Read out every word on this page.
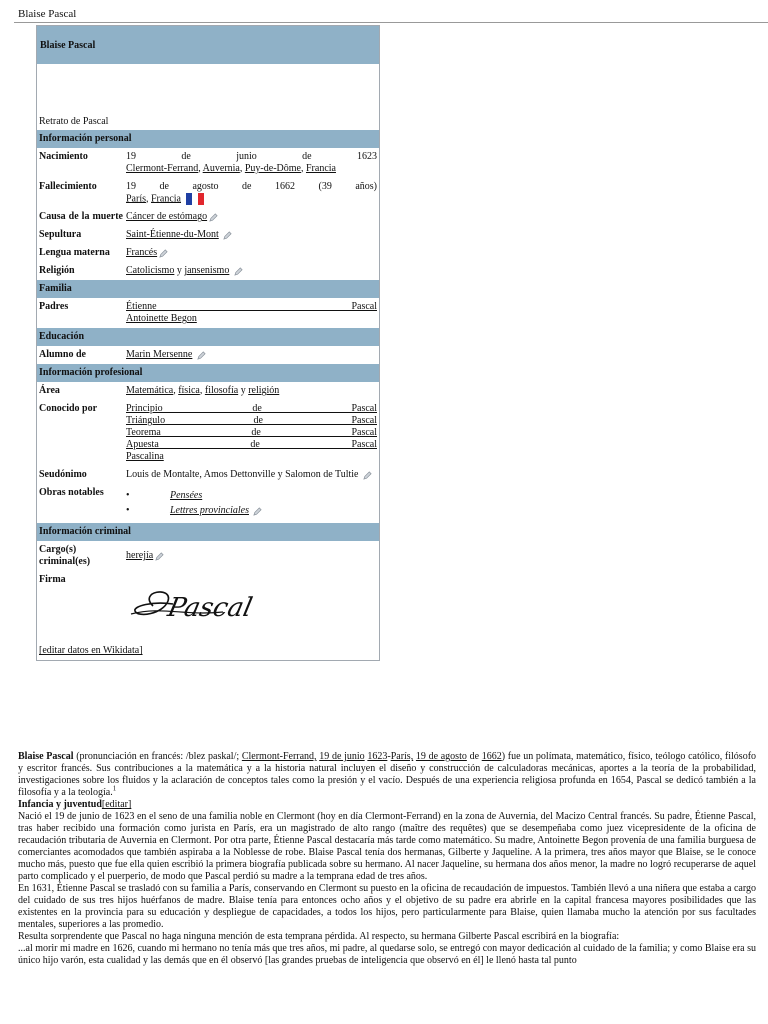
Blaise Pascal
Blaise Pascal
Retrato de Pascal
Información personal
Nacimiento	19 de junio de 1623
Clermont-Ferrand, Auvernia, Puy-de-Dôme, Francia
Fallecimiento	19 de agosto de 1662 (39 años)
París, Francia
Causa de la muerte Cáncer de estómago
Sepultura	Saint-Étienne-du-Mont
Lengua materna	Francés
Religión	Catolicismo y jansenismo
Familia
Padres	Étienne Pascal
Antoinette Begon
Educación
Alumno de	Marin Mersenne
Información profesional
Área	Matemática, física, filosofía y religión
Conocido por	Principio de Pascal
Triángulo de Pascal
Teorema de Pascal
Apuesta de Pascal
Pascalina
Seudónimo	Louis de Montalte, Amos Dettonville y Salomon de Tultie
Obras notables	•	Pensées
•	Lettres provinciales
Información criminal
Cargo(s) criminal(es)
herejía
Firma
Pascal
[editar datos en Wikidata]

Blaise Pascal (pronunciación en francés: /blez paskal/; Clermont-Ferrand, 19 de junio 1623-París, 19 de agosto de 1662) fue un polímata, matemático, físico, teólogo católico, filósofo y escritor francés. Sus contribuciones a la matemática y a la historia natural incluyen el diseño y construcción de calculadoras mecánicas, aportes a la teoría de la probabilidad, investigaciones sobre los fluidos y la aclaración de conceptos tales como la presión y el vacío. Después de una experiencia religiosa profunda en 1654, Pascal se dedicó también a la filosofía y a la teología.$^1$

Infancia y juventud[editar]

Nació el 19 de junio de 1623 en el seno de una familia noble en Clermont (hoy en día Clermont-Ferrand) en la zona de Auvernia, del Macizo Central francés. Su padre, Étienne Pascal, tras haber recibido una formación como jurista en París, era un magistrado de alto rango (maître des requêtes) que se desempeñaba como juez vicepresidente de la oficina de recaudación tributaria de Auvernia en Clermont. Por otra parte, Étienne Pascal destacaría más tarde como matemático. Su madre, Antoinette Begon provenía de una familia burguesa de comerciantes acomodados que también aspiraba a la Noblesse de robe. Blaise Pascal tenía dos hermanas, Gilberte y Jaqueline. A la primera, tres años mayor que Blaise, se le conoce mucho más, puesto que fue ella quien escribió la primera biografía publicada sobre su hermano. Al nacer Jaqueline, su hermana dos años menor, la madre no logró recuperarse de aquel parto complicado y el puerperio, de modo que Pascal perdió su madre a la temprana edad de tres años.

En 1631, Étienne Pascal se trasladó con su familia a París, conservando en Clermont su puesto en la oficina de recaudación de impuestos. También llevó a una niñera que estaba a cargo del cuidado de sus tres hijos huérfanos de madre. Blaise tenía para entonces ocho años y el objetivo de su padre era abrirle en la capital francesa mayores posibilidades que las existentes en la provincia para su educación y despliegue de capacidades, a todos los hijos, pero particularmente para Blaise, quien llamaba mucho la atención por sus facultades mentales, superiores a las promedio.

Resulta sorprendente que Pascal no haga ninguna mención de esta temprana pérdida. Al respecto, su hermana Gilberte Pascal escribirá en la biografía:

...al morir mi madre en 1626, cuando mi hermano no tenía más que tres años, mi padre, al quedarse solo, se entregó con mayor dedicación al cuidado de la familia; y como Blaise era su único hijo varón, esta cualidad y las demás que en él observó [las grandes pruebas de inteligencia que observó en él] le llenó hasta tal punto
